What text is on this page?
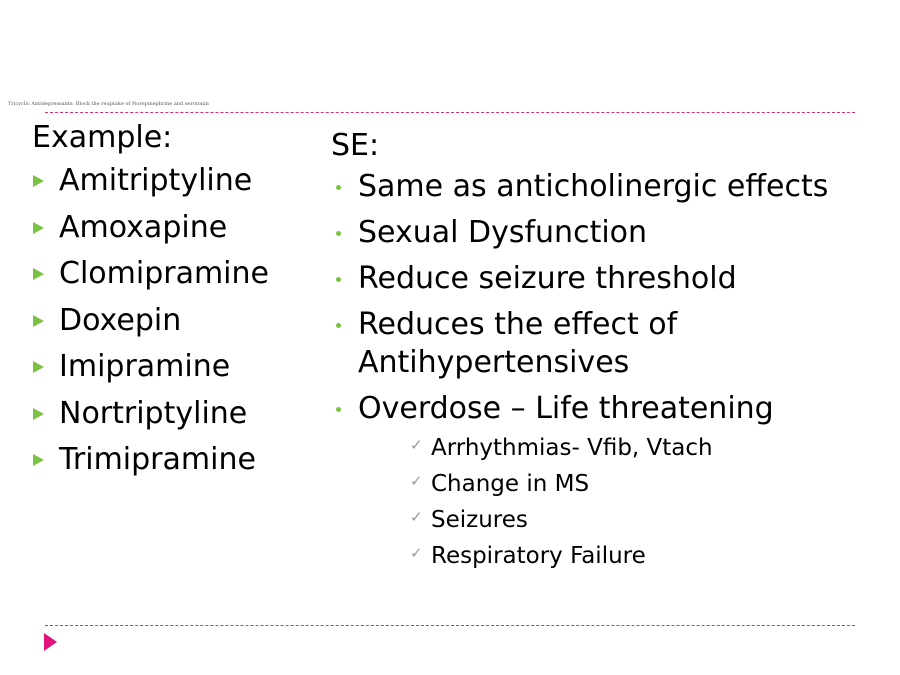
Tricyclic Antidepressants: Block the reuptake of Norepinephrine and serotonin
Example:
Amitriptyline
Amoxapine
Clomipramine
Doxepin
Imipramine
Nortriptyline
Trimipramine
SE:
Same as anticholinergic effects
Sexual Dysfunction
Reduce seizure threshold
Reduces the effect of Antihypertensives
Overdose – Life threatening
✓ Arrhythmias- Vfib, Vtach
✓ Change in MS
✓ Seizures
✓ Respiratory Failure
